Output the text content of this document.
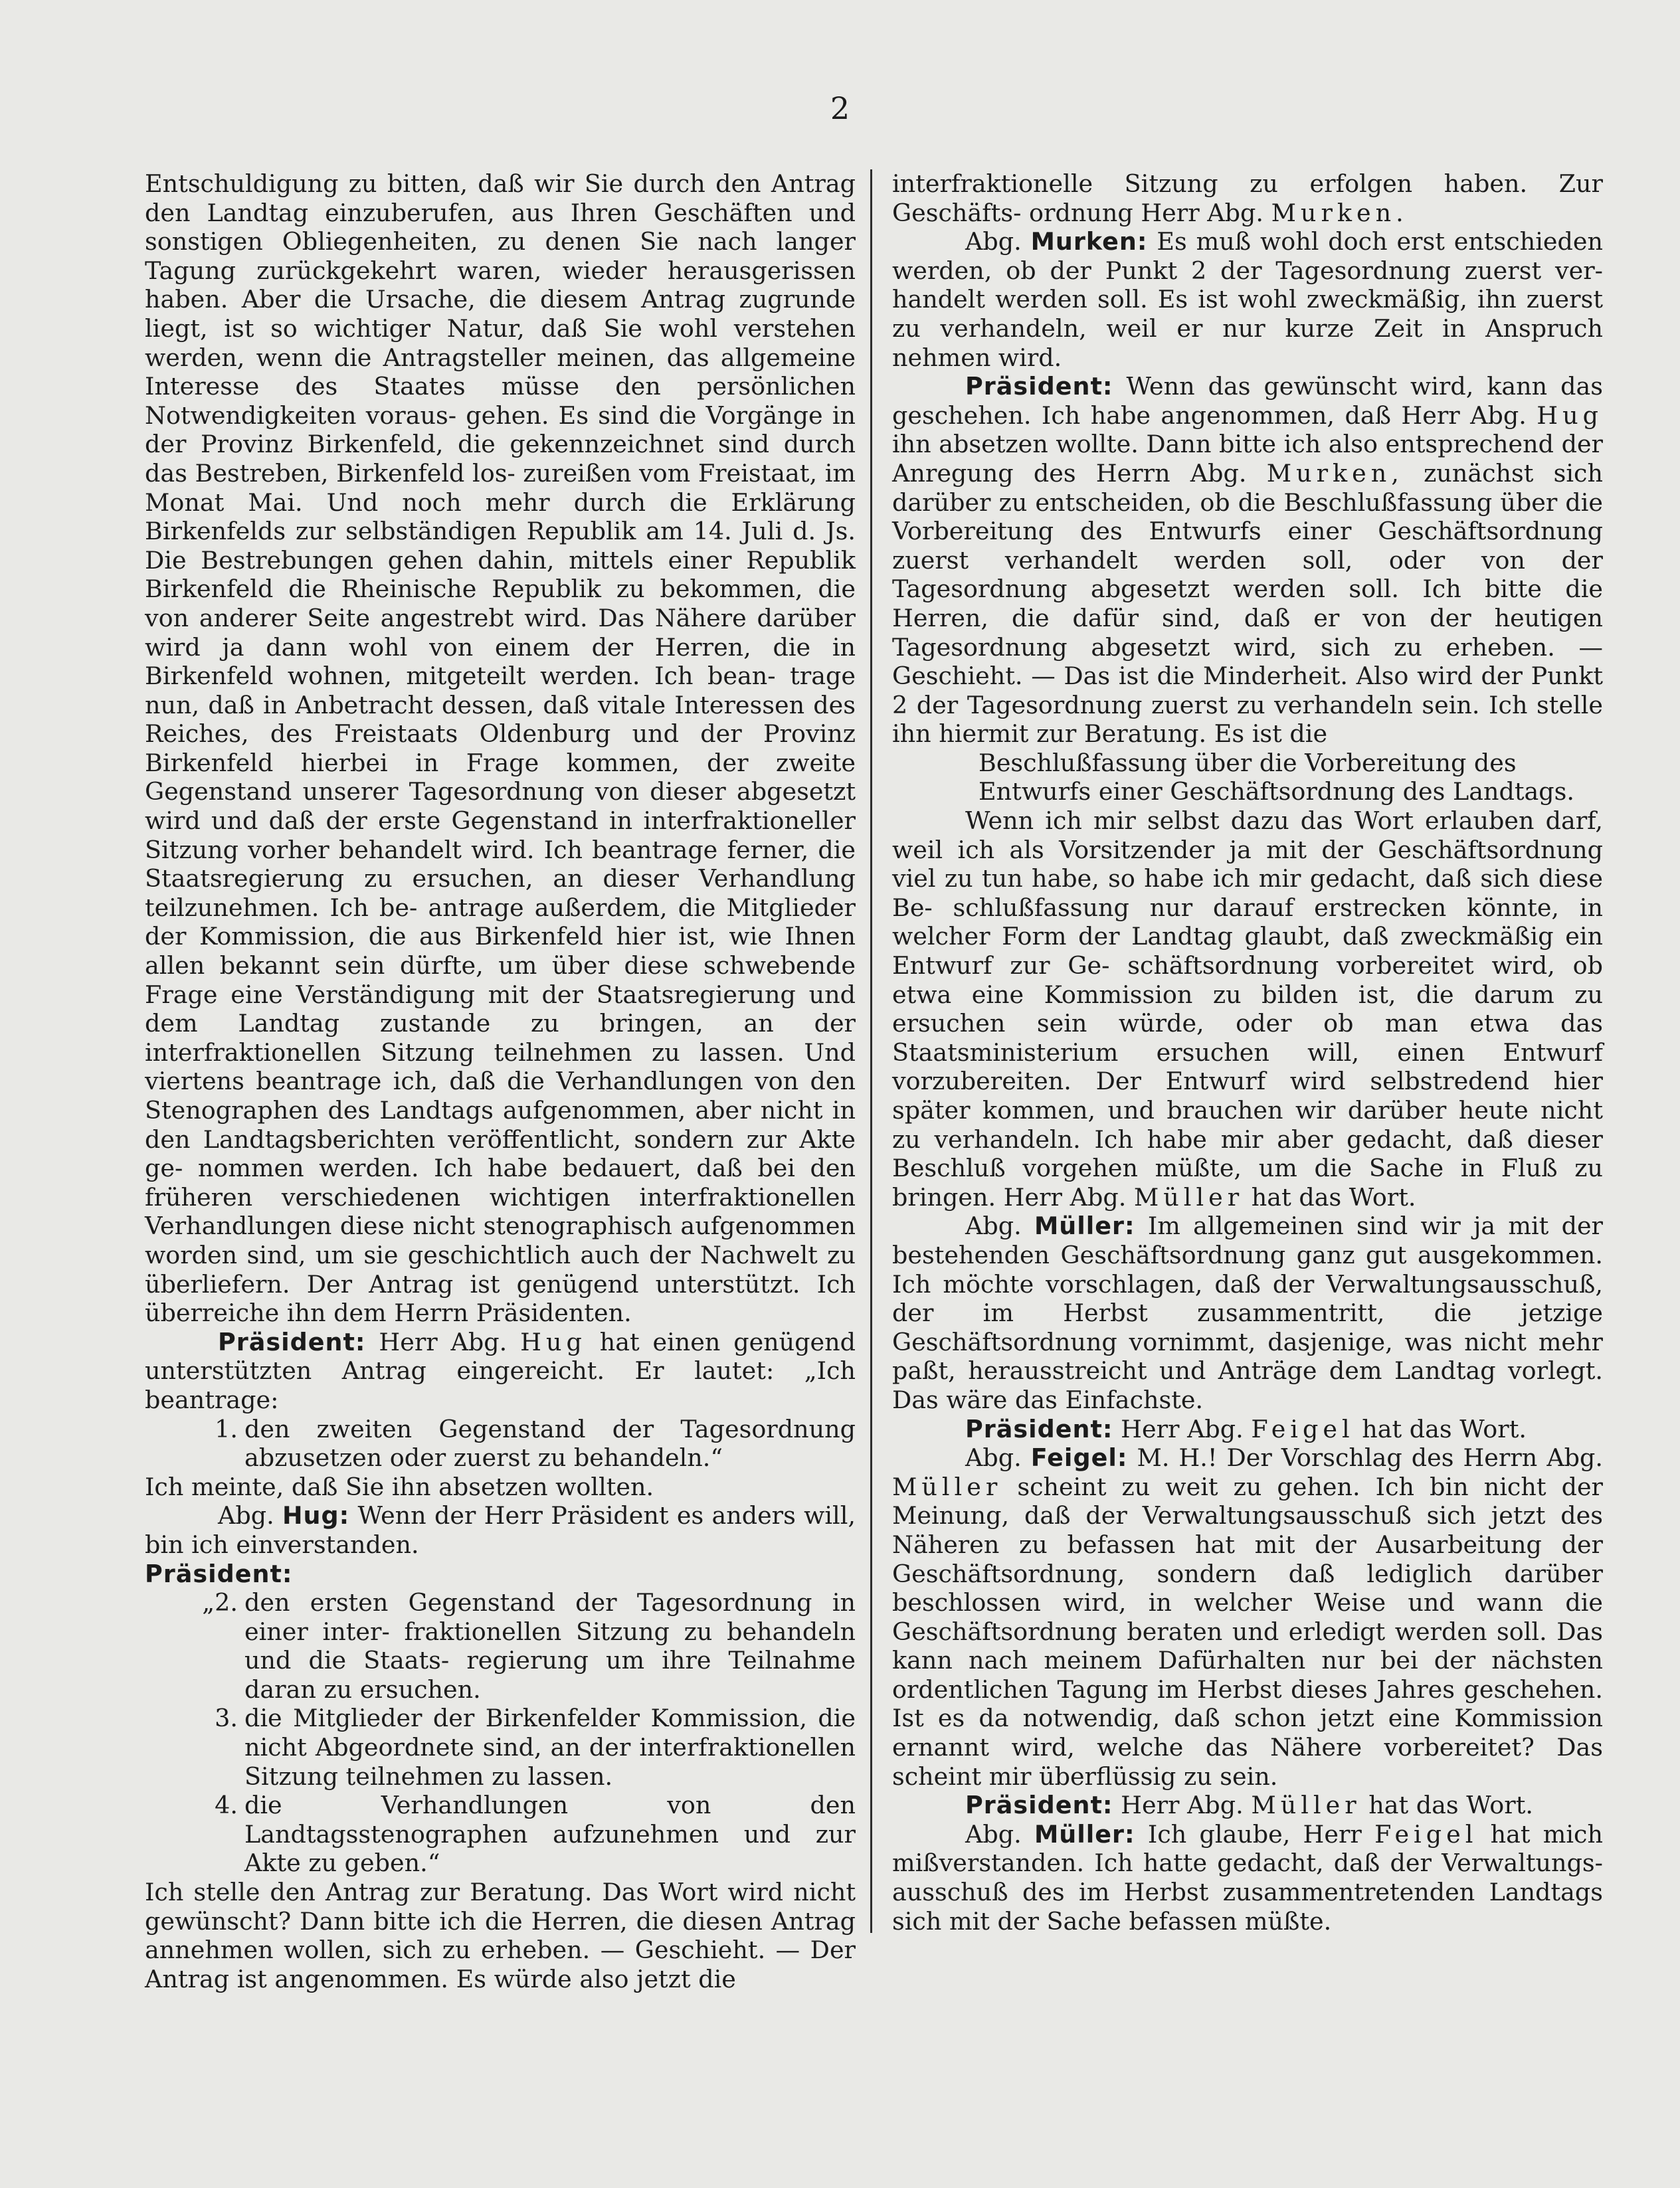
2

Entschuldigung zu bitten, daß wir Sie durch den Antrag den Landtag einzuberufen, aus Ihren Geschäften und sonstigen Obliegenheiten, zu denen Sie nach langer Tagung zurückgekehrt waren, wieder herausgerissen haben. Aber die Ursache, die diesem Antrag zugrunde liegt, ist so wichtiger Natur, daß Sie wohl verstehen werden, wenn die Antragsteller meinen, das allgemeine Interesse des Staates müsse den persönlichen Notwendigkeiten voraus- gehen. Es sind die Vorgänge in der Provinz Birkenfeld, die gekennzeichnet sind durch das Bestreben, Birkenfeld los- zureißen vom Freistaat, im Monat Mai. Und noch mehr durch die Erklärung Birkenfelds zur selbständigen Republik am 14. Juli d. Js. Die Bestrebungen gehen dahin, mittels einer Republik Birkenfeld die Rheinische Republik zu bekommen, die von anderer Seite angestrebt wird. Das Nähere darüber wird ja dann wohl von einem der Herren, die in Birkenfeld wohnen, mitgeteilt werden. Ich bean- trage nun, daß in Anbetracht dessen, daß vitale Interessen des Reiches, des Freistaats Oldenburg und der Provinz Birkenfeld hierbei in Frage kommen, der zweite Gegenstand unserer Tagesordnung von dieser abgesetzt wird und daß der erste Gegenstand in interfraktioneller Sitzung vorher behandelt wird. Ich beantrage ferner, die Staatsregierung zu ersuchen, an dieser Verhandlung teilzunehmen. Ich be- antrage außerdem, die Mitglieder der Kommission, die aus Birkenfeld hier ist, wie Ihnen allen bekannt sein dürfte, um über diese schwebende Frage eine Verständigung mit der Staatsregierung und dem Landtag zustande zu bringen, an der interfraktionellen Sitzung teilnehmen zu lassen. Und viertens beantrage ich, daß die Verhandlungen von den Stenographen des Landtags aufgenommen, aber nicht in den Landtagsberichten veröffentlicht, sondern zur Akte ge- nommen werden. Ich habe bedauert, daß bei den früheren verschiedenen wichtigen interfraktionellen Verhandlungen diese nicht stenographisch aufgenommen worden sind, um sie geschichtlich auch der Nachwelt zu überliefern. Der Antrag ist genügend unterstützt. Ich überreiche ihn dem Herrn Präsidenten.

Präsident: Herr Abg. Hug hat einen genügend unterstützten Antrag eingereicht. Er lautet: „Ich beantrage:

1. den zweiten Gegenstand der Tagesordnung abzusetzen oder zuerst zu behandeln.“

Ich meinte, daß Sie ihn absetzen wollten.

Abg. Hug: Wenn der Herr Präsident es anders will, bin ich einverstanden.

Präsident:

„2. den ersten Gegenstand der Tagesordnung in einer inter- fraktionellen Sitzung zu behandeln und die Staats- regierung um ihre Teilnahme daran zu ersuchen.
3. die Mitglieder der Birkenfelder Kommission, die nicht Abgeordnete sind, an der interfraktionellen Sitzung teilnehmen zu lassen.
4. die Verhandlungen von den Landtagsstenographen aufzunehmen und zur Akte zu geben.“

Ich stelle den Antrag zur Beratung. Das Wort wird nicht gewünscht? Dann bitte ich die Herren, die diesen Antrag annehmen wollen, sich zu erheben. — Geschieht. — Der Antrag ist angenommen. Es würde also jetzt die

interfraktionelle Sitzung zu erfolgen haben. Zur Geschäfts- ordnung Herr Abg. Murken.

Abg. Murken: Es muß wohl doch erst entschieden werden, ob der Punkt 2 der Tagesordnung zuerst ver- handelt werden soll. Es ist wohl zweckmäßig, ihn zuerst zu verhandeln, weil er nur kurze Zeit in Anspruch nehmen wird.

Präsident: Wenn das gewünscht wird, kann das geschehen. Ich habe angenommen, daß Herr Abg. Hug ihn absetzen wollte. Dann bitte ich also entsprechend der Anregung des Herrn Abg. Murken, zunächst sich darüber zu entscheiden, ob die Beschlußfassung über die Vorbereitung des Entwurfs einer Geschäftsordnung zuerst verhandelt werden soll, oder von der Tagesordnung abgesetzt werden soll. Ich bitte die Herren, die dafür sind, daß er von der heutigen Tagesordnung abgesetzt wird, sich zu erheben. — Geschieht. — Das ist die Minderheit. Also wird der Punkt 2 der Tagesordnung zuerst zu verhandeln sein. Ich stelle ihn hiermit zur Beratung. Es ist die

Beschlußfassung über die Vorbereitung des Entwurfs einer Geschäftsordnung des Landtags.

Wenn ich mir selbst dazu das Wort erlauben darf, weil ich als Vorsitzender ja mit der Geschäftsordnung viel zu tun habe, so habe ich mir gedacht, daß sich diese Be- schlußfassung nur darauf erstrecken könnte, in welcher Form der Landtag glaubt, daß zweckmäßig ein Entwurf zur Ge- schäftsordnung vorbereitet wird, ob etwa eine Kommission zu bilden ist, die darum zu ersuchen sein würde, oder ob man etwa das Staatsministerium ersuchen will, einen Entwurf vorzubereiten. Der Entwurf wird selbstredend hier später kommen, und brauchen wir darüber heute nicht zu verhandeln. Ich habe mir aber gedacht, daß dieser Beschluß vorgehen müßte, um die Sache in Fluß zu bringen. Herr Abg. Müller hat das Wort.

Abg. Müller: Im allgemeinen sind wir ja mit der bestehenden Geschäftsordnung ganz gut ausgekommen. Ich möchte vorschlagen, daß der Verwaltungsausschuß, der im Herbst zusammentritt, die jetzige Geschäftsordnung vornimmt, dasjenige, was nicht mehr paßt, herausstreicht und Anträge dem Landtag vorlegt. Das wäre das Einfachste.

Präsident: Herr Abg. Feigel hat das Wort.

Abg. Feigel: M. H.! Der Vorschlag des Herrn Abg. Müller scheint zu weit zu gehen. Ich bin nicht der Meinung, daß der Verwaltungsausschuß sich jetzt des Näheren zu befassen hat mit der Ausarbeitung der Geschäftsordnung, sondern daß lediglich darüber beschlossen wird, in welcher Weise und wann die Geschäftsordnung beraten und erledigt werden soll. Das kann nach meinem Dafürhalten nur bei der nächsten ordentlichen Tagung im Herbst dieses Jahres geschehen. Ist es da notwendig, daß schon jetzt eine Kommission ernannt wird, welche das Nähere vorbereitet? Das scheint mir überflüssig zu sein.

Präsident: Herr Abg. Müller hat das Wort.

Abg. Müller: Ich glaube, Herr Feigel hat mich mißverstanden. Ich hatte gedacht, daß der Verwaltungs- ausschuß des im Herbst zusammentretenden Landtags sich mit der Sache befassen müßte.
